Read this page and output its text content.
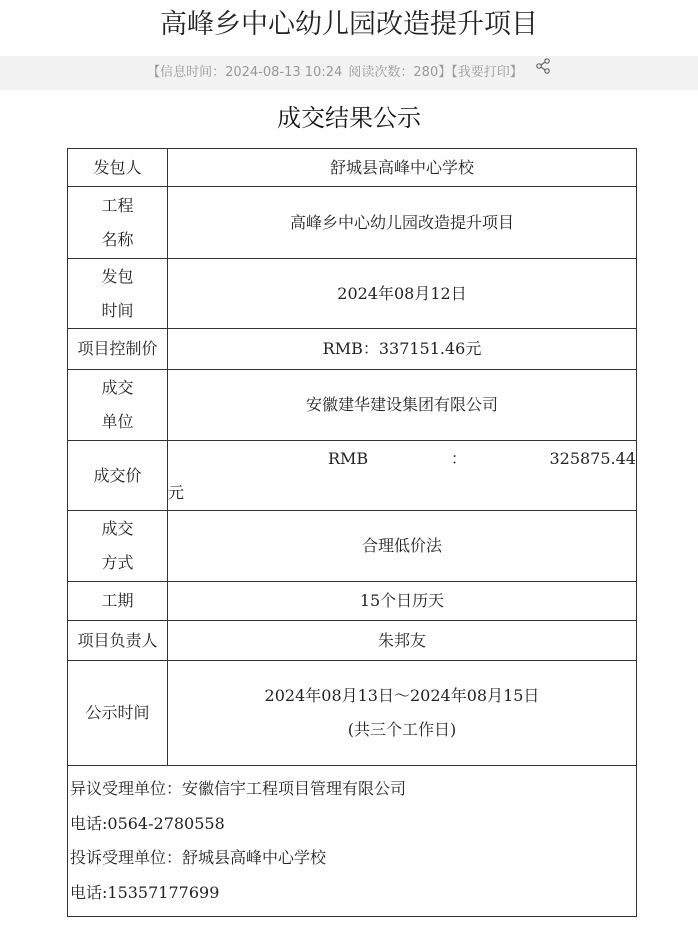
高峰乡中心幼儿园改造提升项目
【信息时间：2024-08-13 10:24 阅读次数：280】【我要打印】
成交结果公示
发包人	舒城县高峰中心学校

工程
名称	高峰乡中心幼儿园改造提升项目

发包
时间	2024年08月12日
项目控制价	RMB：337151.46元

成交
单位	安徽建华建设集团有限公司
成交价	RMB ： 325875.44
元

成交
方式	合理低价法
工期	15个日历天
项目负责人	朱邦友
公示时间	2024年08月13日～2024年08月15日
(共三个工作日)

异议受理单位：安徽信宇工程项目管理有限公司
电话:0564-2780558
投诉受理单位：舒城县高峰中心学校
电话:15357177699	
